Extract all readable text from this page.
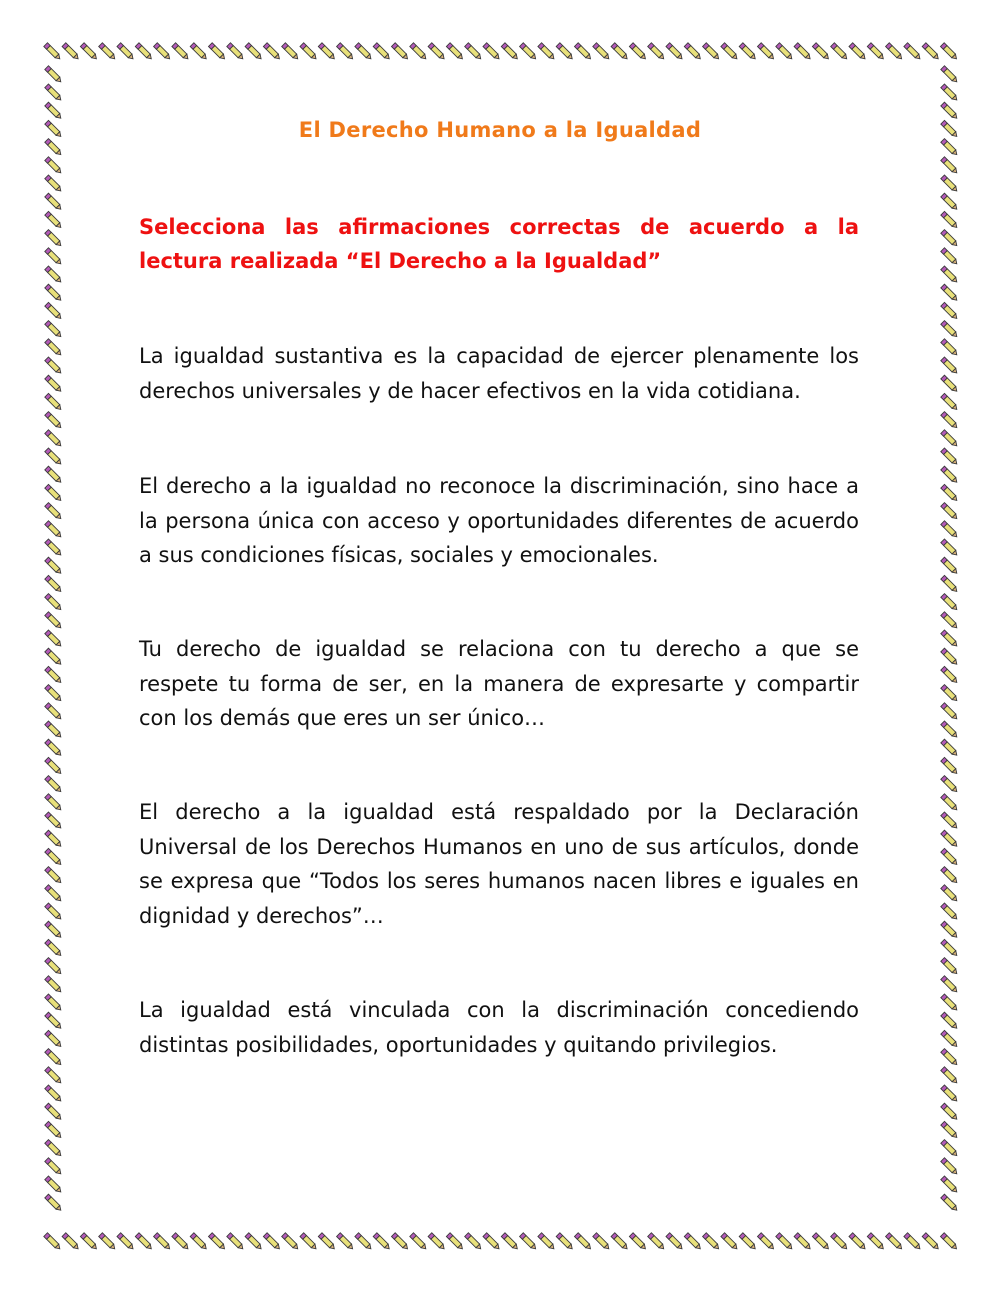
El Derecho Humano a la Igualdad
Selecciona las afirmaciones correctas de acuerdo a la lectura realizada “El Derecho a la Igualdad”
La igualdad sustantiva es la capacidad de ejercer plenamente los derechos universales y de hacer efectivos en la vida cotidiana.
El derecho a la igualdad no reconoce la discriminación, sino hace a la persona única con acceso y oportunidades diferentes de acuerdo a sus condiciones físicas, sociales y emocionales.
Tu derecho de igualdad se relaciona con tu derecho a que se respete tu forma de ser, en la manera de expresarte y compartir con los demás que eres un ser único…
El derecho a la igualdad está respaldado por la Declaración Universal de los Derechos Humanos en uno de sus artículos, donde se expresa que “Todos los seres humanos nacen libres e iguales en dignidad y derechos”…
La igualdad está vinculada con la discriminación concediendo distintas posibilidades, oportunidades y quitando privilegios.
